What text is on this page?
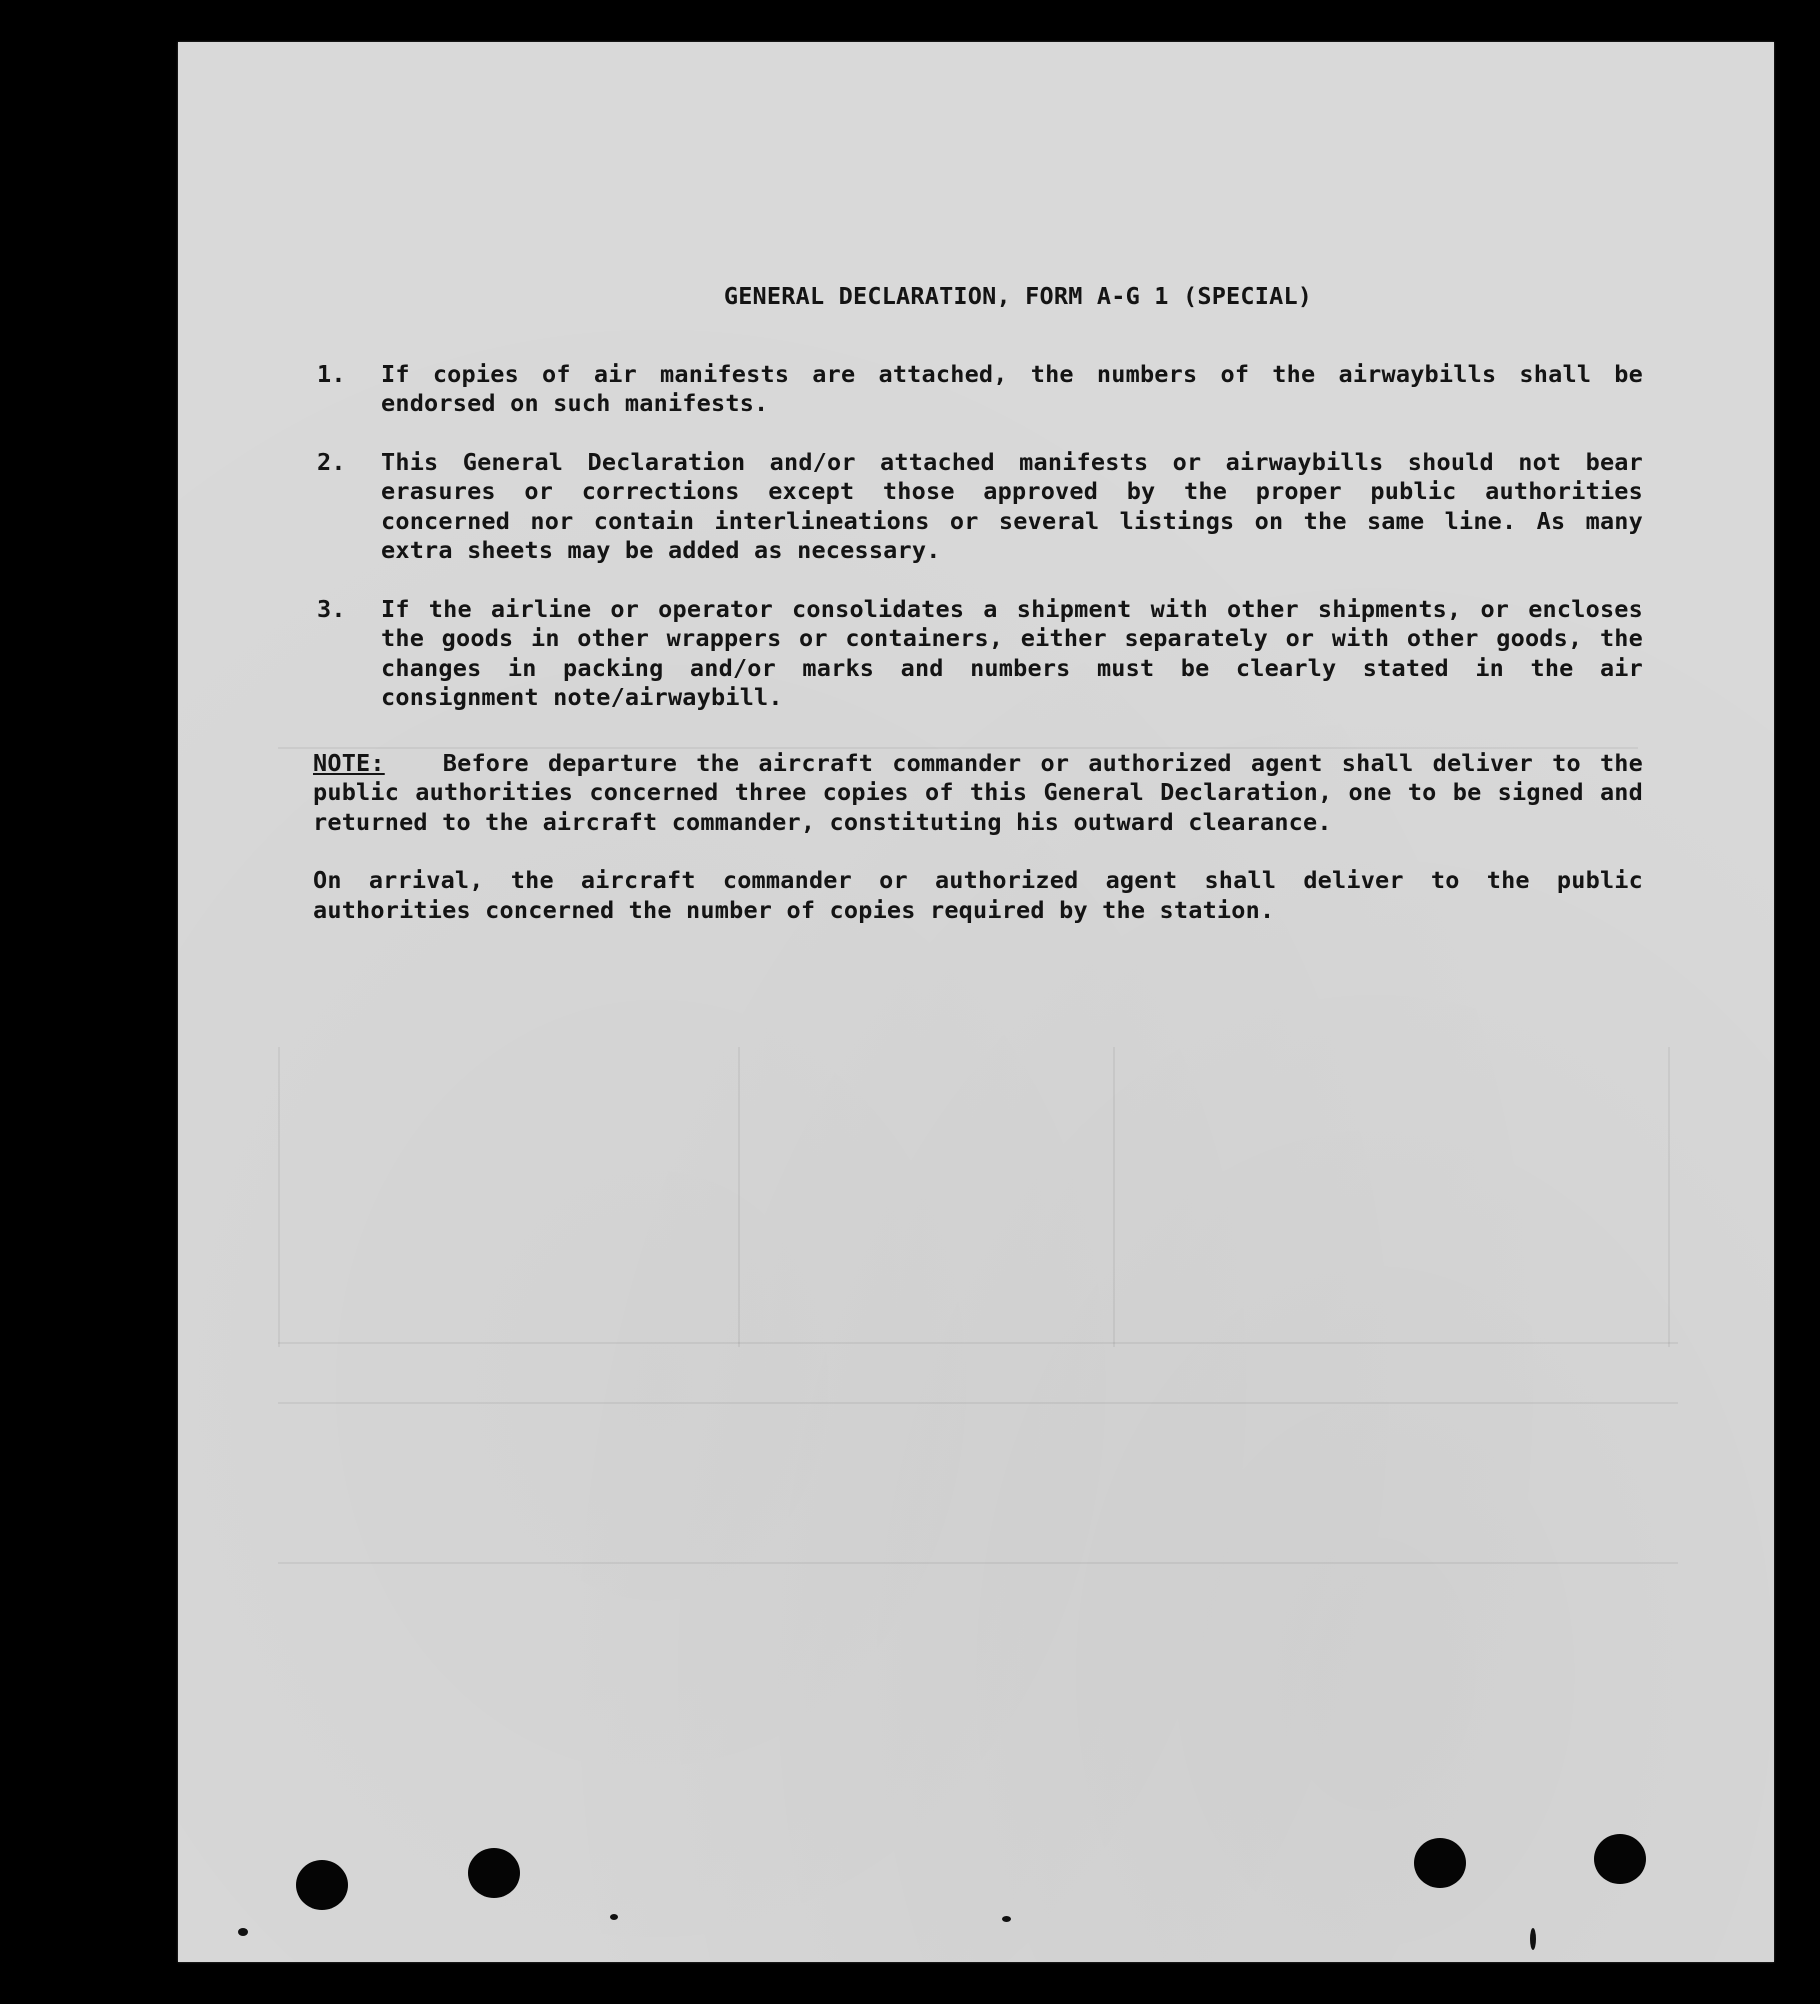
GENERAL DECLARATION, FORM A-G 1 (SPECIAL)
1.	If copies of air manifests are attached, the numbers of the airwaybills shall be endorsed on such manifests.
2.	This General Declaration and/or attached manifests or airwaybills should not bear erasures or corrections except those approved by the proper public authorities concerned nor contain interlineations or several listings on the same line. As many extra sheets may be added as necessary.
3.	If the airline or operator consolidates a shipment with other shipments, or encloses the goods in other wrappers or containers, either separately or with other goods, the changes in packing and/or marks and numbers must be clearly stated in the air consignment note/airwaybill.
NOTE: Before departure the aircraft commander or authorized agent shall deliver to the public authorities concerned three copies of this General Declaration, one to be signed and returned to the aircraft commander, constituting his outward clearance.
On arrival, the aircraft commander or authorized agent shall deliver to the public authorities concerned the number of copies required by the station.
